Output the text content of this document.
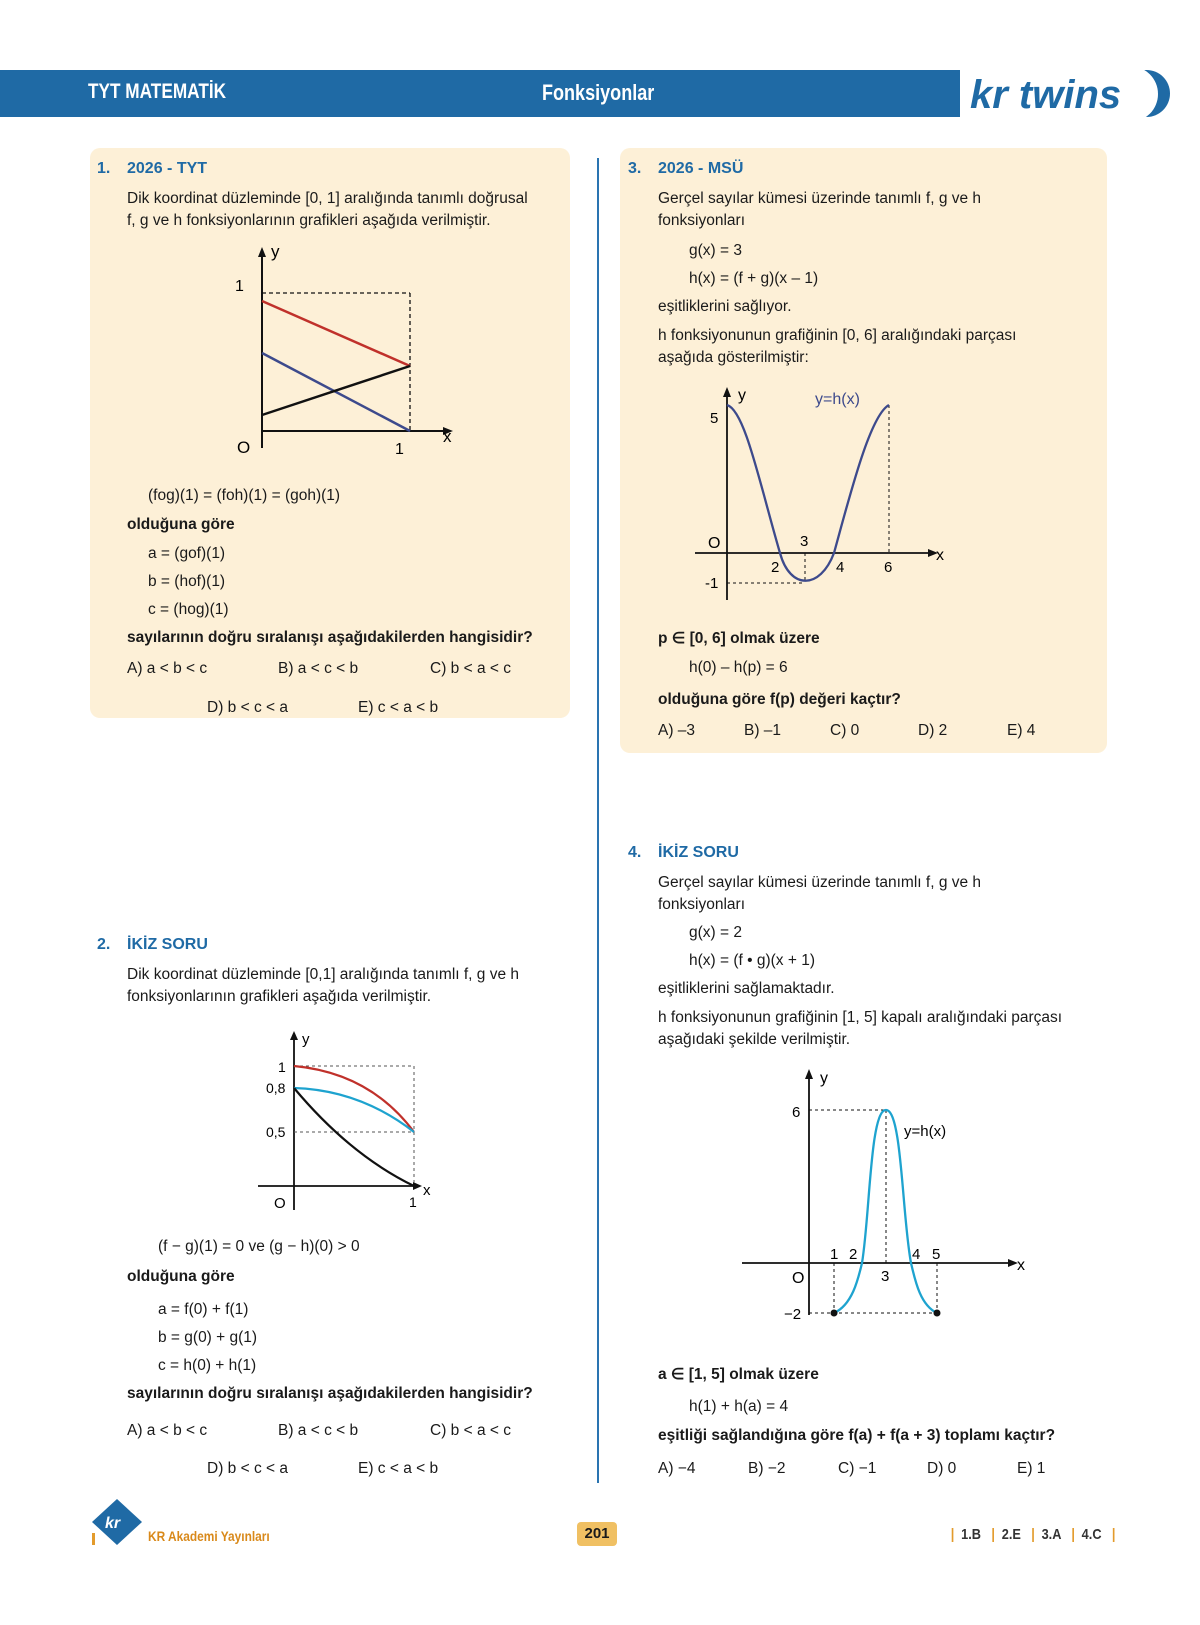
TYT MATEMATİK	Fonksiyonlar	kr twins
1. 2026 - TYT
Dik koordinat düzleminde [0, 1] aralığında tanımlı doğrusal
f, g ve h fonksiyonlarının grafikleri aşağıda verilmiştir.
y
x
O
1
1
(fog)(1) = (foh)(1) = (goh)(1)
olduğuna göre
a = (gof)(1)
b = (hof)(1)
c = (hog)(1)
sayılarının doğru sıralanışı aşağıdakilerden hangisidir?
A) a < b < c	B) a < c < b	C) b < a < c
D) b < c < a	E) c < a < b
2. İKİZ SORU
Dik koordinat düzleminde [0,1] aralığında tanımlı f, g ve h
fonksiyonlarının grafikleri aşağıda verilmiştir.
y
x
O
1
0,8
0,5
1
(f − g)(1) = 0 ve (g − h)(0) > 0
olduğuna göre
a = f(0) + f(1)
b = g(0) + g(1)
c = h(0) + h(1)
sayılarının doğru sıralanışı aşağıdakilerden hangisidir?
A) a < b < c	B) a < c < b	C) b < a < c
D) b < c < a	E) c < a < b
3. 2026 - MSÜ
Gerçel sayılar kümesi üzerinde tanımlı f, g ve h
fonksiyonları
g(x) = 3
h(x) = (f + g)(x – 1)
eşitliklerini sağlıyor.
h fonksiyonunun grafiğinin [0, 6] aralığındaki parçası
aşağıda gösterilmiştir:
y
x
O
y=h(x)
5
-1
2
3
4	6
p ∈ [0, 6] olmak üzere
h(0) – h(p) = 6
olduğuna göre f(p) değeri kaçtır?
A) –3	B) –1	C) 0	D) 2	E) 4
4. İKİZ SORU
Gerçel sayılar kümesi üzerinde tanımlı f, g ve h
fonksiyonları
g(x) = 2
h(x) = (f • g)(x + 1)
eşitliklerini sağlamaktadır.
h fonksiyonunun grafiğinin [1, 5] kapalı aralığındaki parçası
aşağıdaki şekilde verilmiştir.
y
x
O
y=h(x)
6
−2
1 2
3
4 5
a ∈ [1, 5] olmak üzere
h(1) + h(a) = 4
eşitliği sağlandığına göre f(a) + f(a + 3) toplamı kaçtır?
A) −4	B) −2	C) −1	D) 0	E) 1
kr
KR Akademi Yayınları	201	| 1.B | 2.E | 3.A | 4.C |
